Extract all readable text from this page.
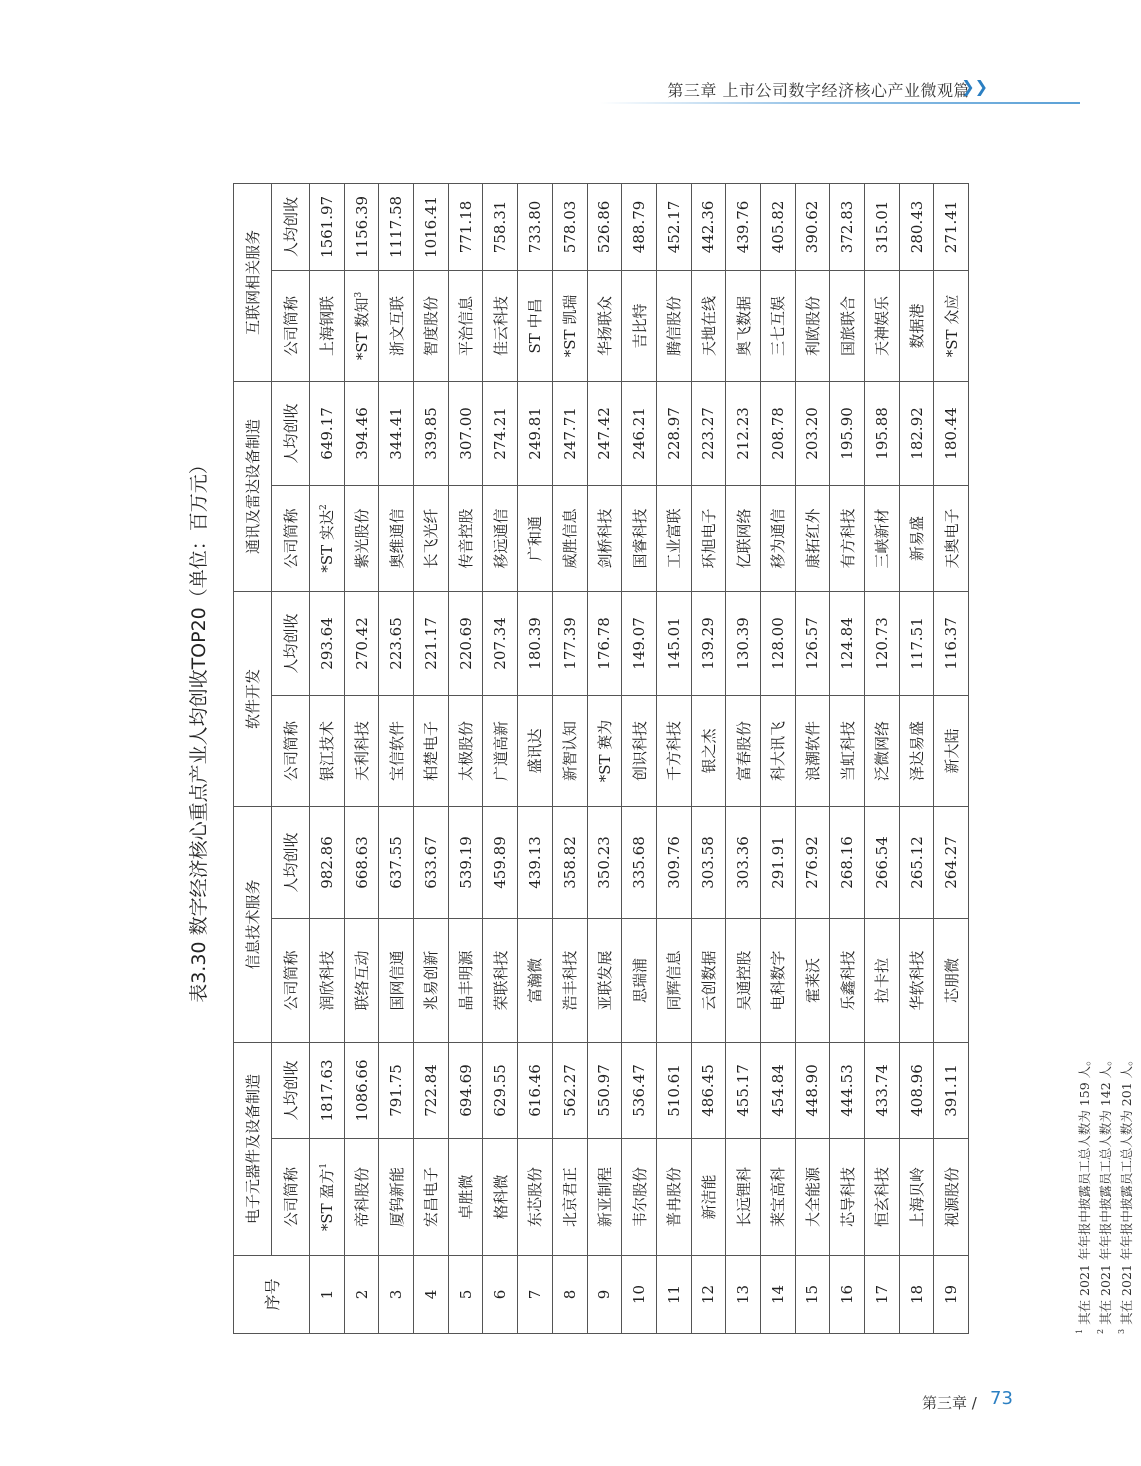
第三章 上市公司数字经济核心产业微观篇
❯❯
表3.30 数字经济核心重点产业人均创收TOP20（单位：百万元）
序号	电子元器件及设备制造		信息技术服务		软件开发		通讯及雷达设备制造		互联网相关服务	
	公司简称	人均创收	公司简称	人均创收	公司简称	人均创收	公司简称	人均创收	公司简称	人均创收
1	*ST 盈方$^1$	1817.63	润欣科技	982.86	银江技术	293.64	*ST 实达$^2$	649.17	上海钢联	1561.97
2	帝科股份	1086.66	联络互动	668.63	天利科技	270.42	紫光股份	394.46	*ST 数知$^3$	1156.39
3	厦钨新能	791.75	国网信通	637.55	宝信软件	223.65	奥维通信	344.41	浙文互联	1117.58
4	宏昌电子	722.84	兆易创新	633.67	柏楚电子	221.17	长飞光纤	339.85	智度股份	1016.41
5	卓胜微	694.69	晶丰明源	539.19	太极股份	220.69	传音控股	307.00	平治信息	771.18
6	格科微	629.55	荣联科技	459.89	广道高新	207.34	移远通信	274.21	佳云科技	758.31
7	东芯股份	616.46	富瀚微	439.13	盛讯达	180.39	广和通	249.81	ST 中昌	733.80
8	北京君正	562.27	浩丰科技	358.82	新智认知	177.39	威胜信息	247.71	*ST 凯瑞	578.03
9	新亚制程	550.97	亚联发展	350.23	*ST 赛为	176.78	剑桥科技	247.42	华扬联众	526.86
10	韦尔股份	536.47	思瑞浦	335.68	创识科技	149.07	国睿科技	246.21	吉比特	488.79
11	普冉股份	510.61	同辉信息	309.76	千方科技	145.01	工业富联	228.97	腾信股份	452.17
12	新洁能	486.45	云创数据	303.58	银之杰	139.29	环旭电子	223.27	天地在线	442.36
13	长远锂科	455.17	吴通控股	303.36	富春股份	130.39	亿联网络	212.23	奥飞数据	439.76
14	莱宝高科	454.84	电科数字	291.91	科大讯飞	128.00	移为通信	208.78	三七互娱	405.82
15	大全能源	448.90	霍莱沃	276.92	浪潮软件	126.57	康拓红外	203.20	利欧股份	390.62
16	芯导科技	444.53	乐鑫科技	268.16	当虹科技	124.84	有方科技	195.90	国旅联合	372.83
17	恒玄科技	433.74	拉卡拉	266.54	泛微网络	120.73	三峡新材	195.88	天神娱乐	315.01
18	上海贝岭	408.96	华软科技	265.12	泽达易盛	117.51	新易盛	182.92	数据港	280.43
19	视源股份	391.11	芯朋微	264.27	新大陆	116.37	天奥电子	180.44	*ST 众应	271.41
$^1$ 其在 2021 年年报中披露员工总人数为 159 人。
$^2$ 其在 2021 年年报中披露员工总人数为 142 人。
$^3$ 其在 2021 年年报中披露员工总人数为 201 人。
第三章 / 73
